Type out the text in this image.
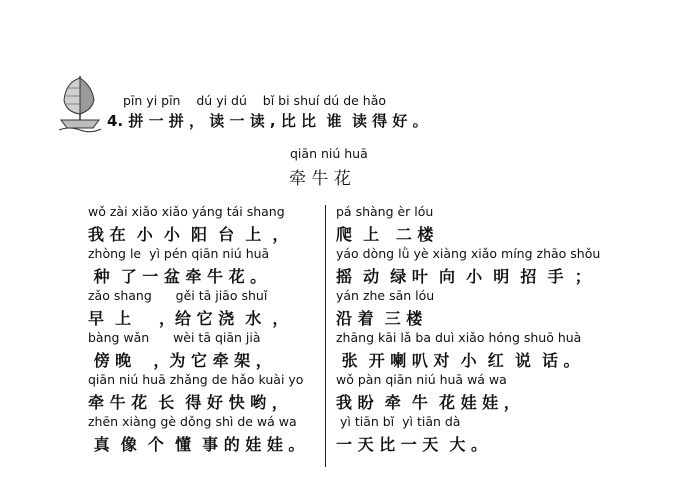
pīn yi pīn    dú yi dú    bǐ bi shuí dú de hǎo
4. 拼 一 拼 ， 读 一 读 , 比 比  谁  读 得 好 。
qiān niú huā
牵 牛 花
wǒ zài xiǎo xiǎo yáng tái shang
我 在  小  小  阳  台  上  ，
zhòng le  yì pén qiān niú huā
种  了 一 盆 牵 牛 花 。
zǎo shang      gěi tā jiāo shuǐ
早  上     ，给 它 浇  水  ，
bàng wǎn      wèi tā qiān jià
傍 晚    ，为 它 牵 架 ，
qiān niú huā zhǎng de hǎo kuài yo
牵 牛 花  长  得 好 快 哟 ，
zhēn xiàng gè dǒng shì de wá wa
真  像  个  懂  事 的 娃 娃 。
pá shàng èr lóu
爬  上   二 楼
yáo dòng lǜ yè xiàng xiǎo míng zhāo shǒu
摇  动  绿 叶  向  小  明  招  手  ；
yán zhe sān lóu
沿 着  三 楼
zhāng kāi lǎ ba duì xiǎo hóng shuō huà
张  开 喇 叭 对  小  红  说  话 。
wǒ pàn qiān niú huā wá wa
我 盼  牵  牛  花 娃 娃 ，
yì tiān bǐ  yì tiān dà
一 天 比 一 天  大 。
